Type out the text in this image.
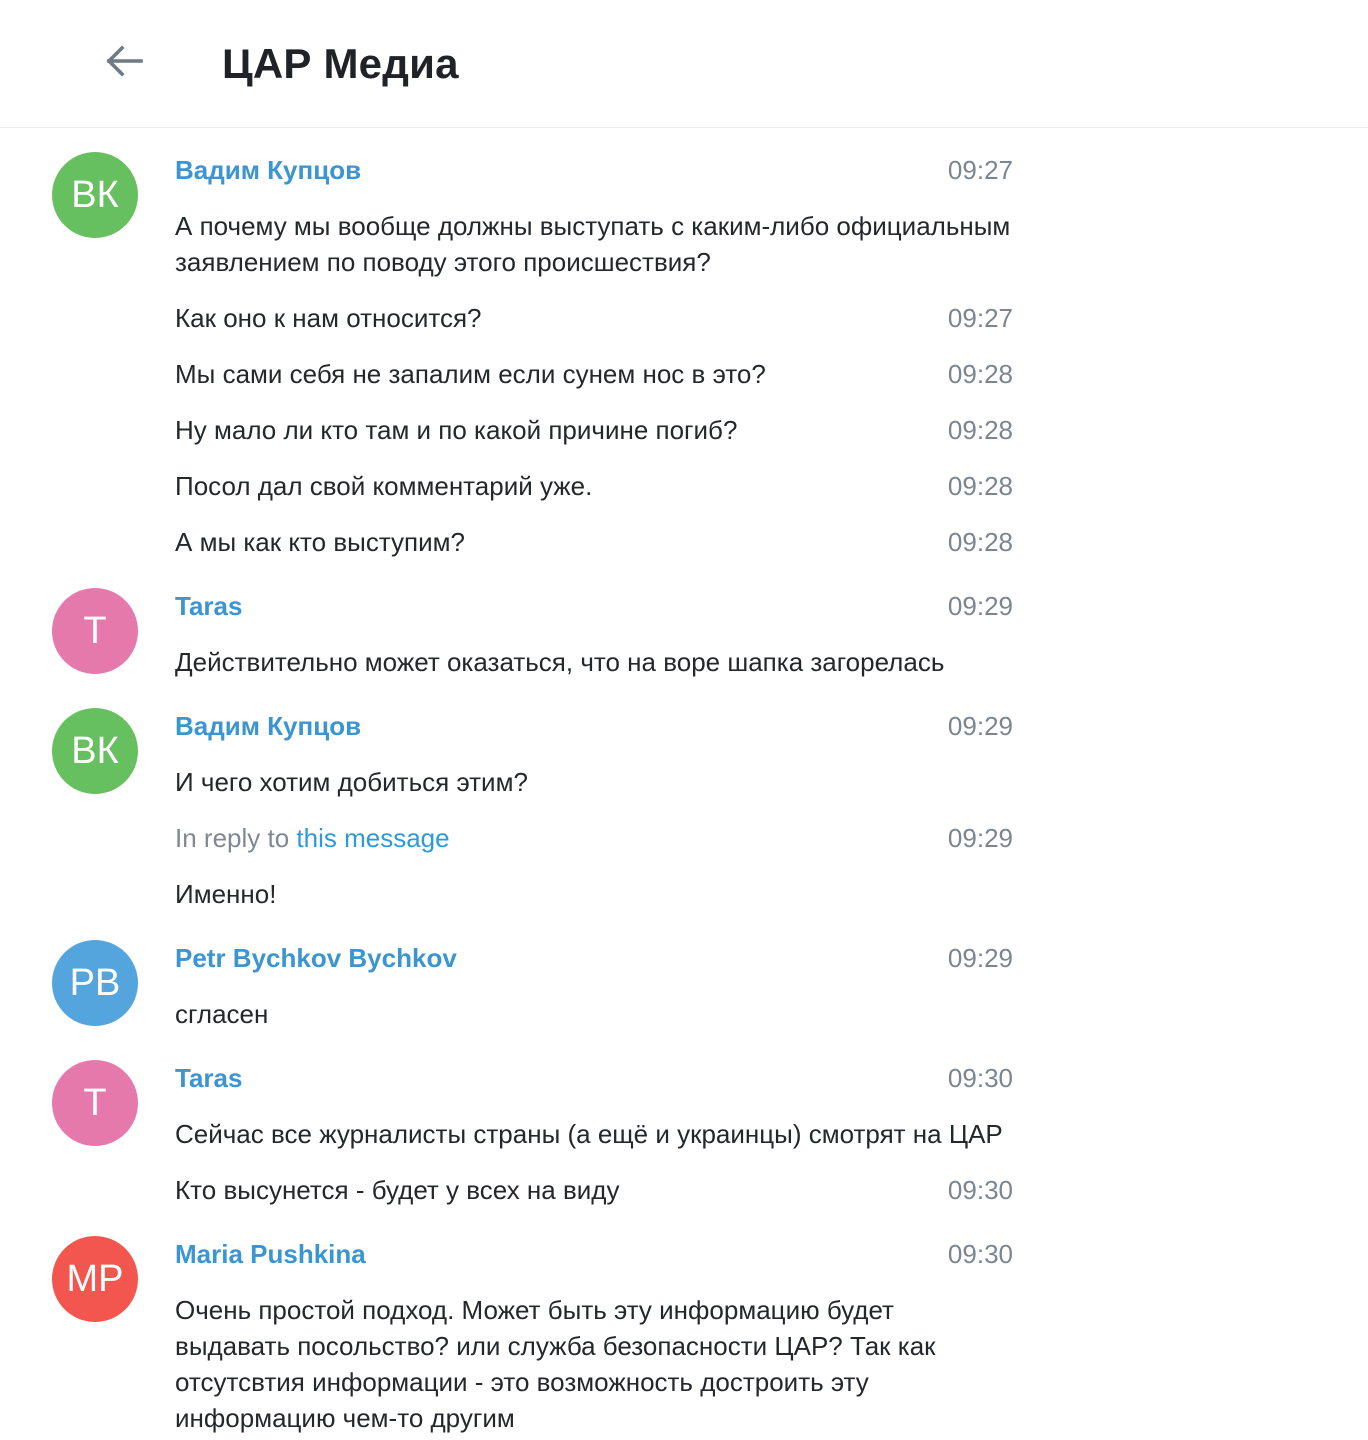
ЦАР Медиа
ВК
Вадим Купцов	09:27

А почему мы вообще должны выступать с каким-либо официальным заявлением по поводу этого происшествия?

Как оно к нам относится?	09:27

Мы сами себя не запалим если сунем нос в это?	09:28

Ну мало ли кто там и по какой причине погиб?	09:28

Посол дал свой комментарий уже.	09:28

А мы как кто выступим?	09:28
T
Taras	09:29

Действительно может оказаться, что на воре шапка загорелась

ВК
Вадим Купцов	09:29

И чего хотим добиться этим?

In reply to this message	09:29

Именно!

PB
Petr Bychkov Bychkov	09:29

сгласен

T
Taras	09:30

Сейчас все журналисты страны (а ещё и украинцы) смотрят на ЦАР

Кто высунется - будет у всех на виду	09:30
MP
Maria Pushkina	09:30

Очень простой подход. Может быть эту информацию будет выдавать посольство? или служба безопасности ЦАР? Так как отсутсвтия информации - это возможность достроить эту информацию чем-то другим
